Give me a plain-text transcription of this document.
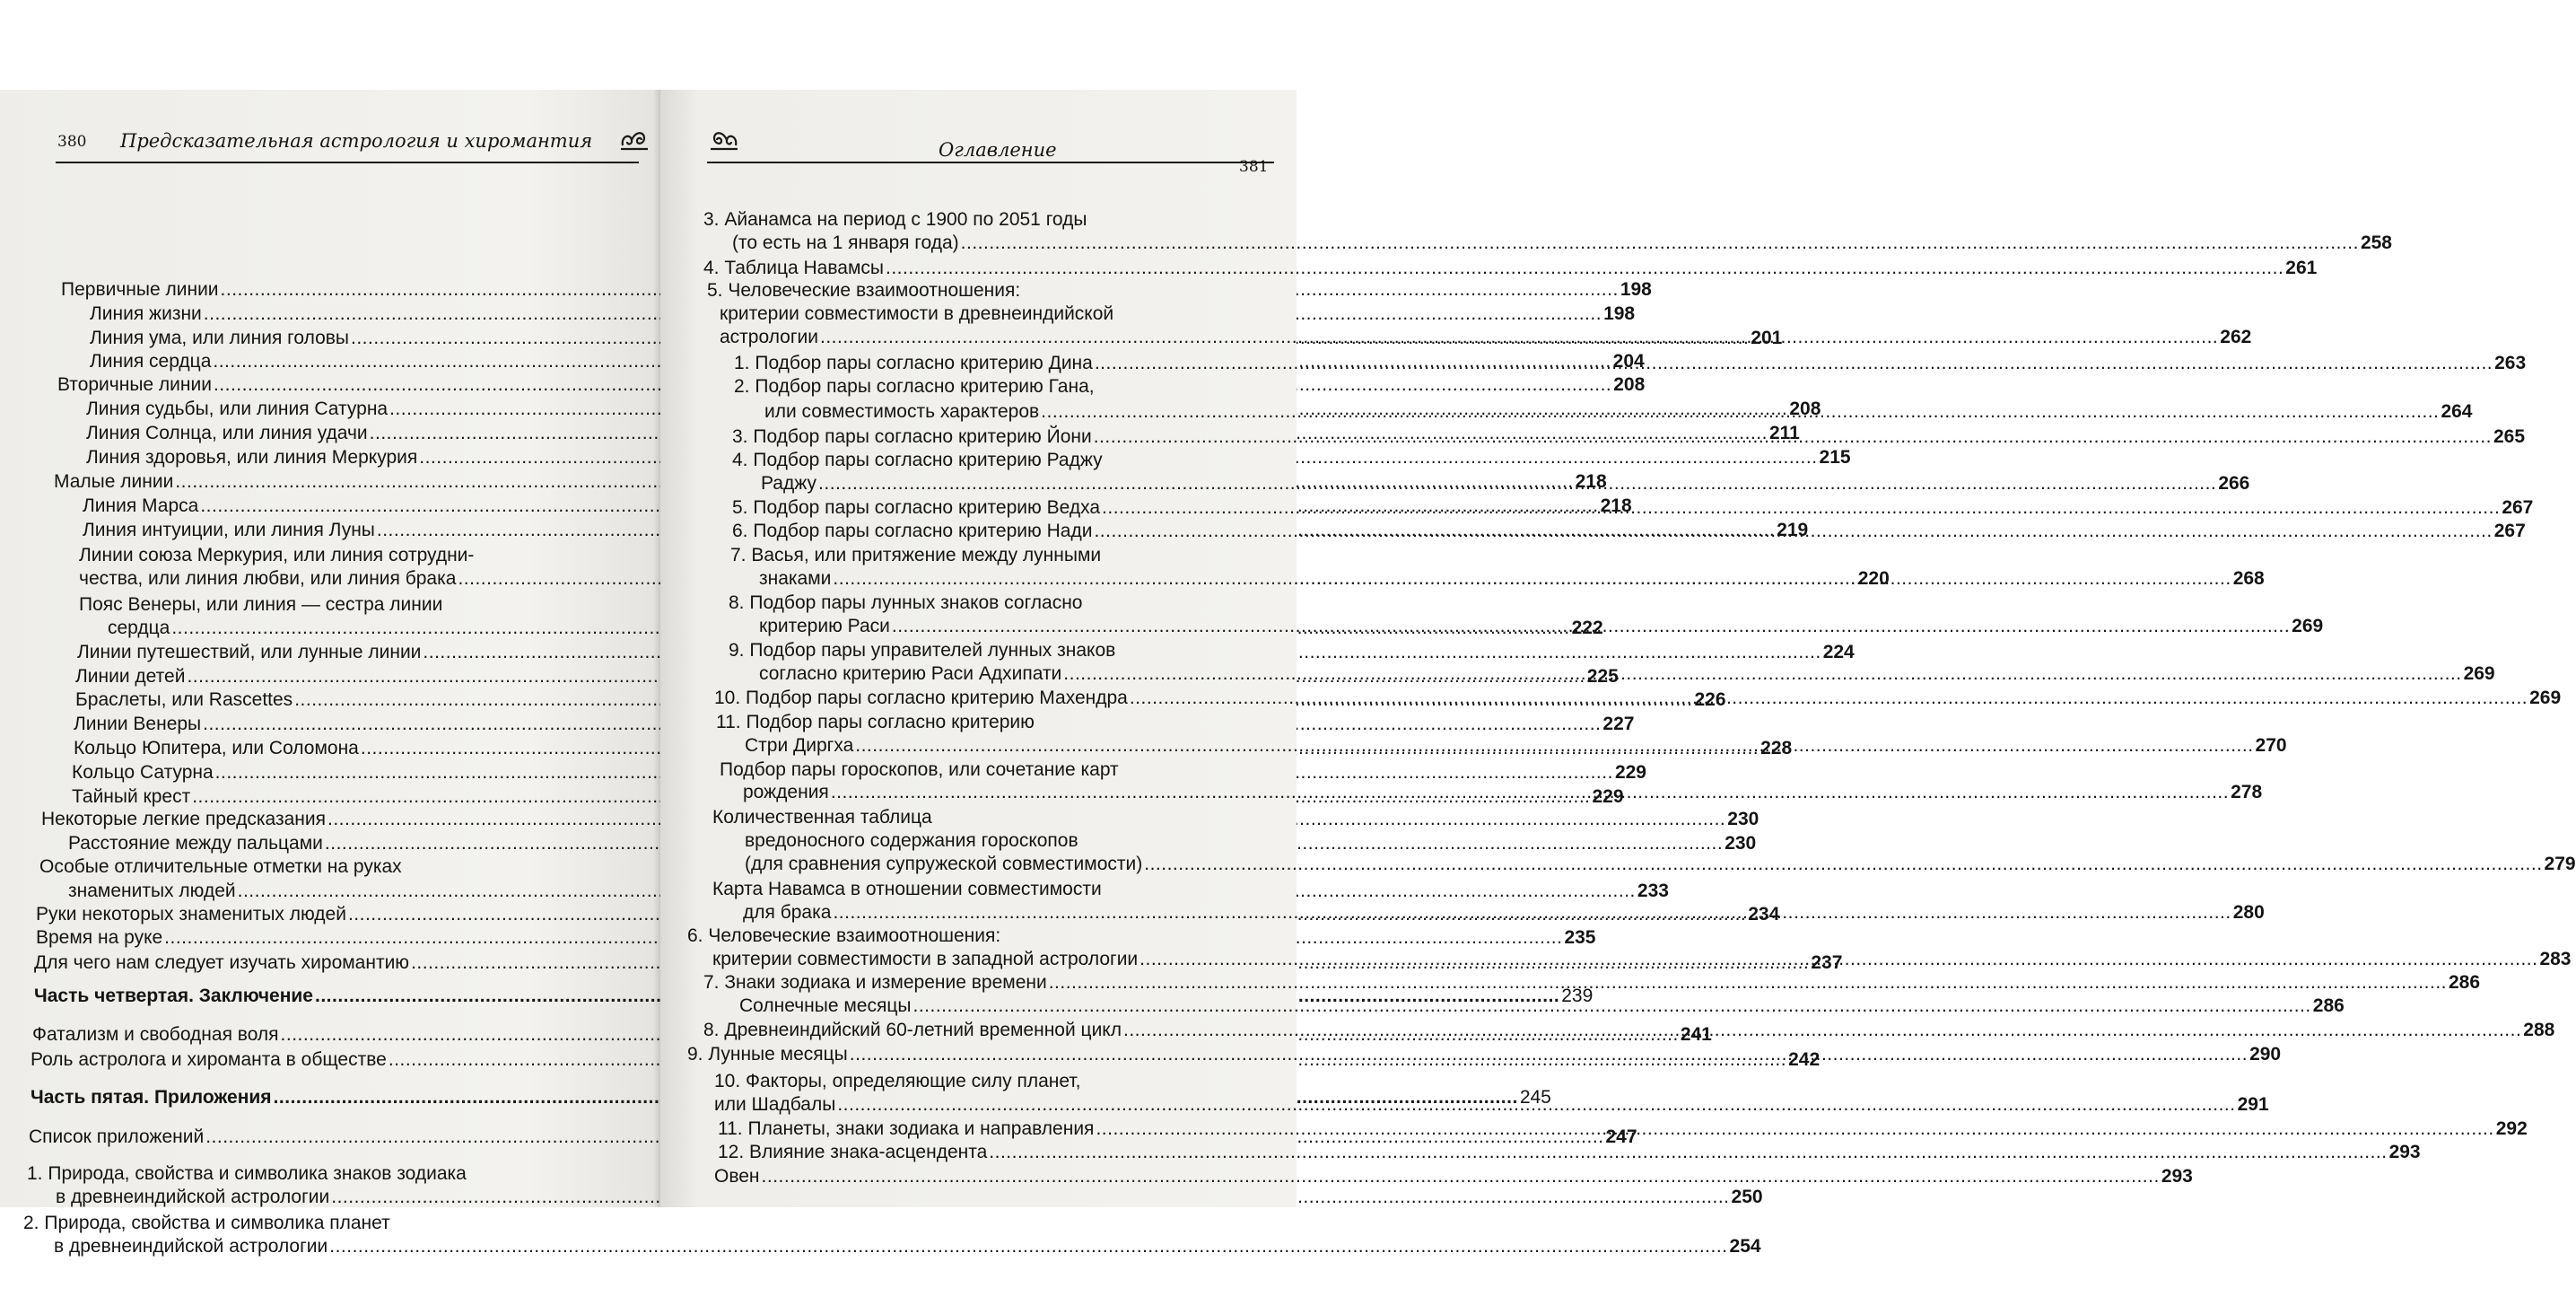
380 Предсказательная астрология и хиромантия
Первичные линии .....	198
Линия жизни .....	198
Линия ума, или линия головы .....	201
Линия сердца .....	204
Вторичные линии .....	208
Линия судьбы, или линия Сатурна .....	208
Линия Солнца, или линия удачи .....	211
Линия здоровья, или линия Меркурия .....	215
Малые линии .....	218
Линия Марса .....	218
Линия интуиции, или линия Луны .....	219
Линии союза Меркурия, или линия сотрудни-
чества, или линия любви, или линия брака .....	220
Пояс Венеры, или линия — сестра линии
сердца .....	222
Линии путешествий, или лунные линии .....	224
Линии детей .....	225
Браслеты, или Rascettes .....	226
Линии Венеры .....	227
Кольцо Юпитера, или Соломона .....	228
Кольцо Сатурна .....	229
Тайный крест .....	229
Некоторые легкие предсказания .....	230
Расстояние между пальцами .....	230
Особые отличительные отметки на руках
знаменитых людей .....	233
Руки некоторых знаменитых людей .....	234
Время на руке .....	235
Для чего нам следует изучать хиромантию .....	237
Часть четвертая. Заключение .....	239
Фатализм и свободная воля .....	241
Роль астролога и хироманта в обществе .....	242
Часть пятая. Приложения .....	245
Список приложений .....	247
1. Природа, свойства и символика знаков зодиака
в древнеиндийской астрологии .....	250
2. Природа, свойства и символика планет
в древнеиндийской астрологии .....	254
Оглавление
381
3. Айанамса на период с 1900 по 2051 годы
(то есть на 1 января года) .....	258
4. Таблица Навамсы .....	261
5. Человеческие взаимоотношения:
критерии совместимости в древнеиндийской
астрологии .....	262
1. Подбор пары согласно критерию Дина .....	263
2. Подбор пары согласно критерию Гана,
или совместимость характеров .....	264
3. Подбор пары согласно критерию Йони .....	265
4. Подбор пары согласно критерию Раджу
Раджу .....	266
5. Подбор пары согласно критерию Ведха .....	267
6. Подбор пары согласно критерию Нади .....	267
7. Васья, или притяжение между лунными
знаками .....	268
8. Подбор пары лунных знаков согласно
критерию Раси .....	269
9. Подбор пары управителей лунных знаков
согласно критерию Раси Адхипати .....	269
10. Подбор пары согласно критерию Махендра .....	269
11. Подбор пары согласно критерию
Стри Диргха .....	270
Подбор пары гороскопов, или сочетание карт
рождения .....	278
Количественная таблица
вредоносного содержания гороскопов
(для сравнения супружеской совместимости) .....	279
Карта Навамса в отношении совместимости
для брака .....	280
6. Человеческие взаимоотношения:
критерии совместимости в западной астрологии .....	283
7. Знаки зодиака и измерение времени .....	286
Солнечные месяцы .....	286
8. Древнеиндийский 60-летний временной цикл .....	288
9. Лунные месяцы .....	290
10. Факторы, определяющие силу планет,
или Шадбалы .....	291
11. Планеты, знаки зодиака и направления .....	292
12. Влияние знака-асцендента .....	293
Овен .....	293
